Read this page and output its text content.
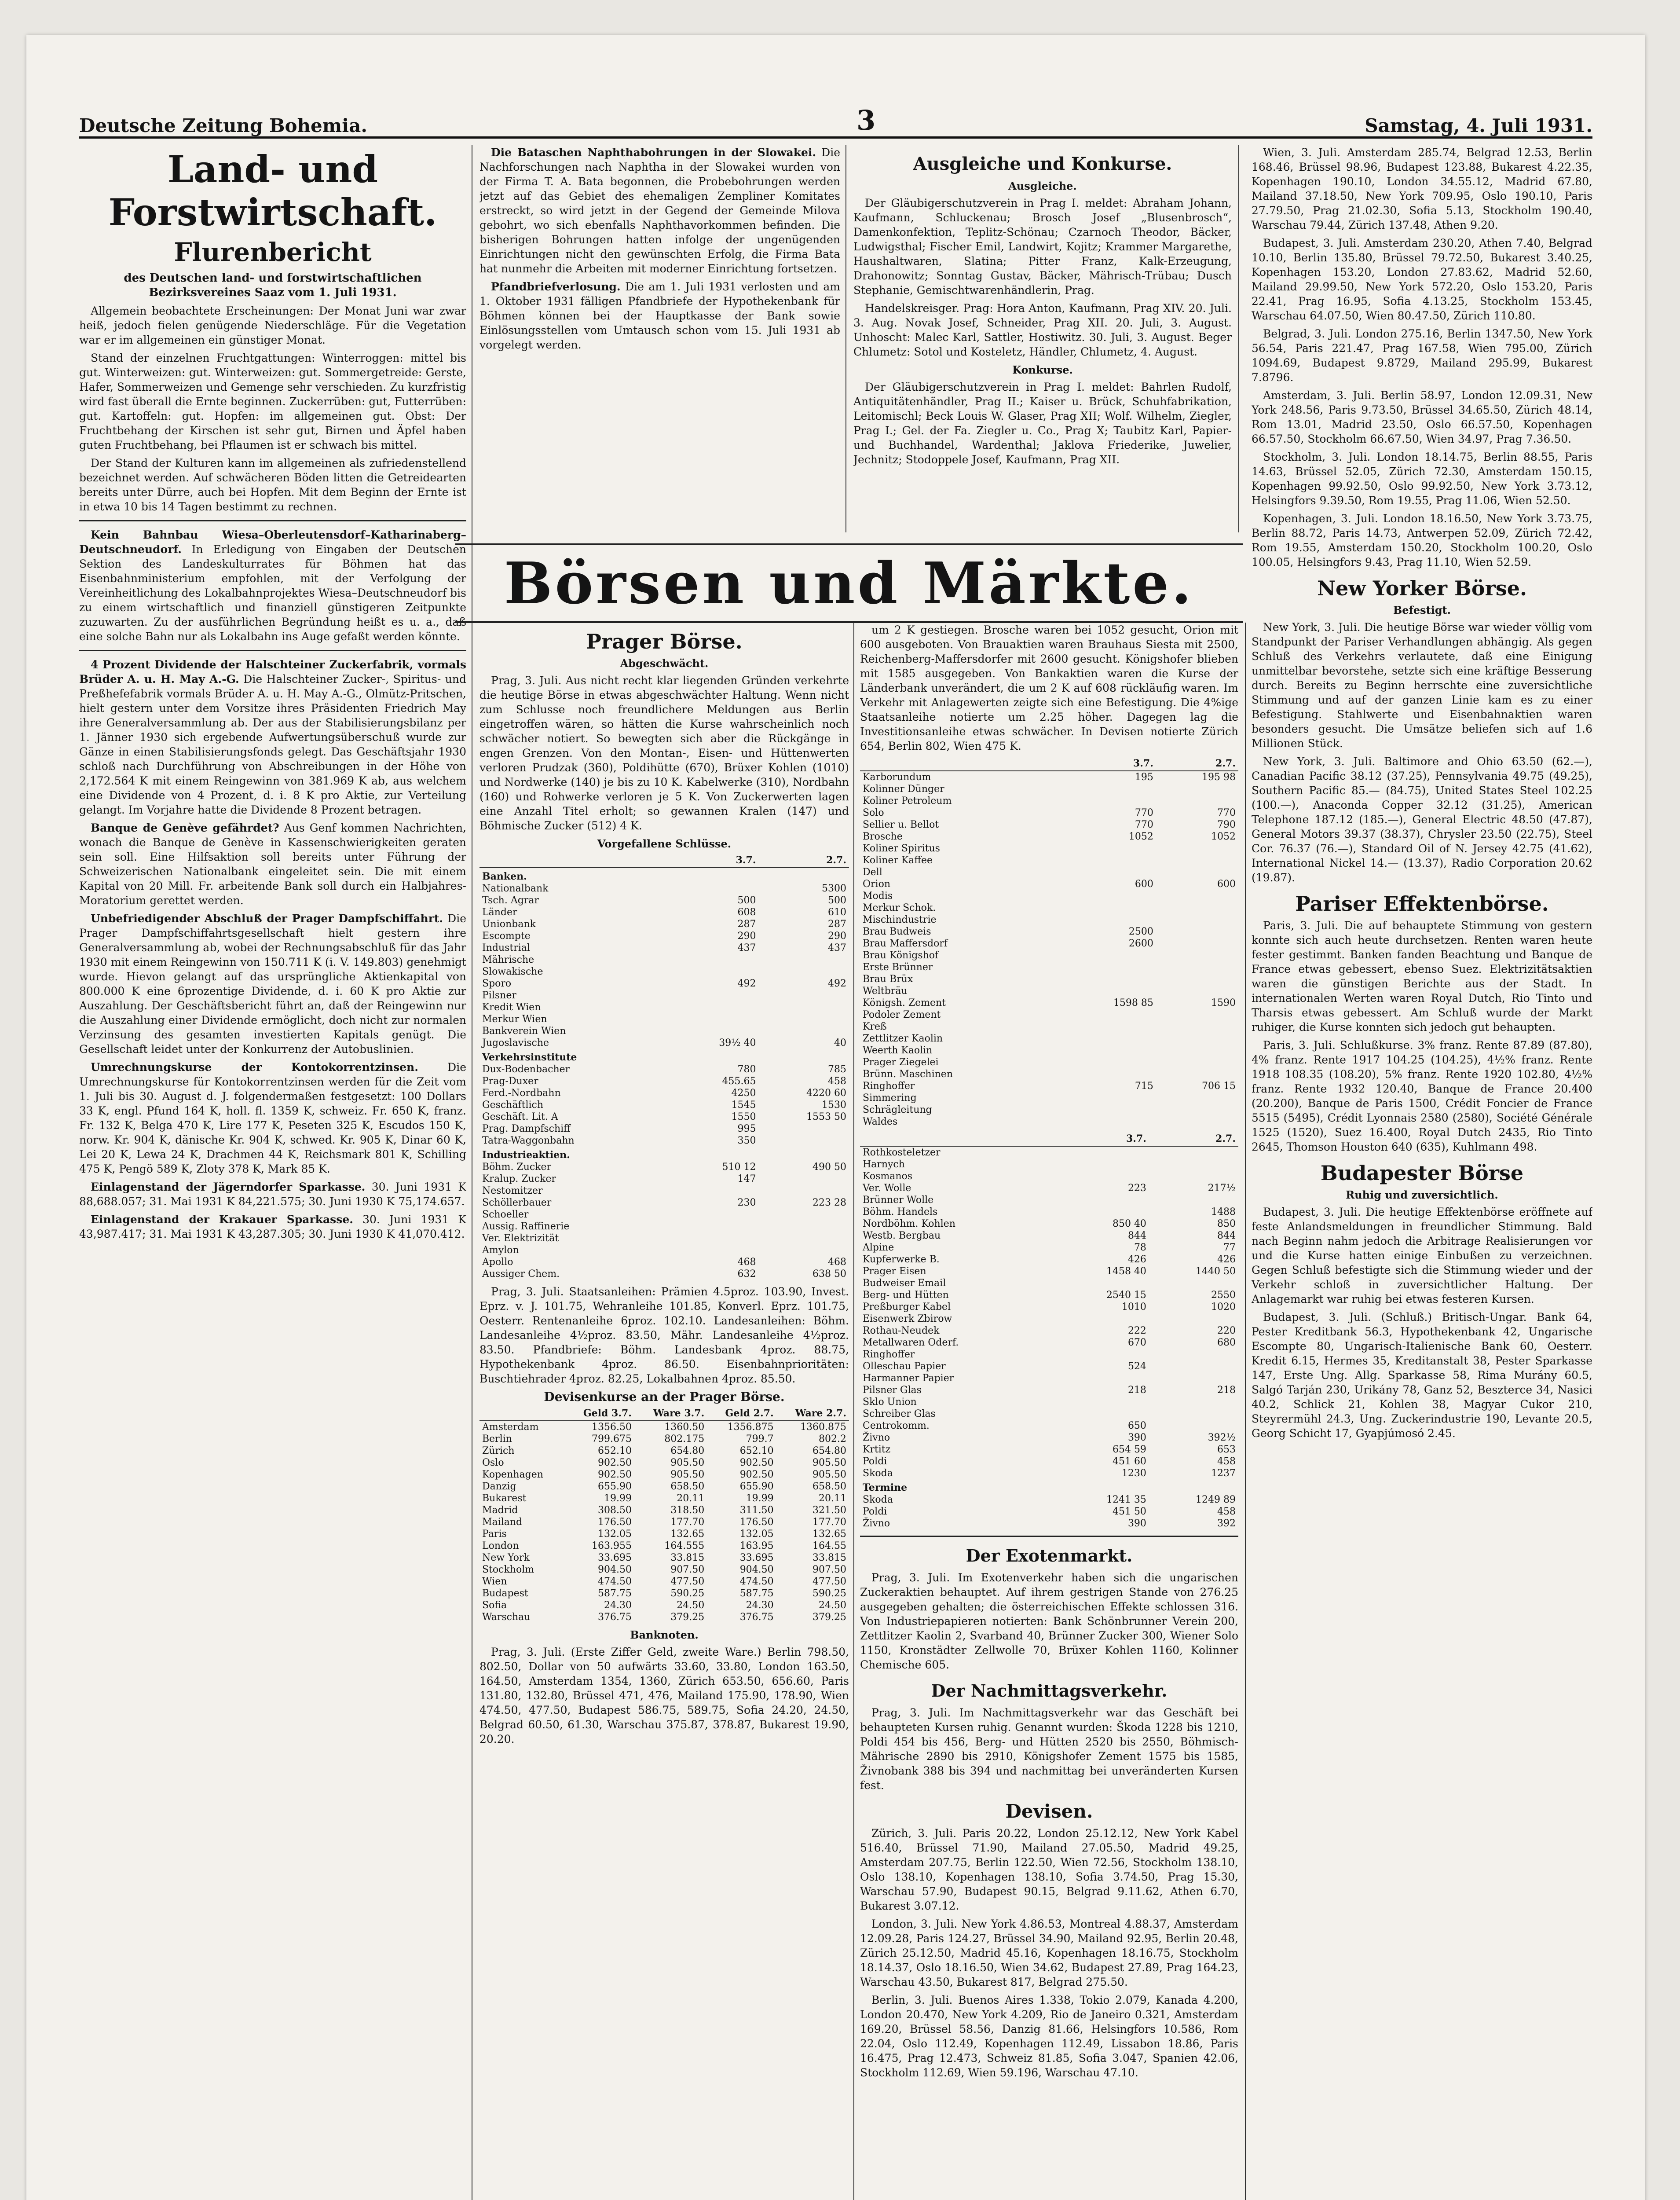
Deutsche Zeitung Bohemia.	3	Samstag, 4. Juli 1931.
Land- und Forstwirtschaft.
Flurenbericht
des Deutschen land- und forstwirtschaftlichen Bezirksvereines Saaz vom 1. Juli 1931.

Allgemein beobachtete Erscheinungen: Der Monat Juni war zwar heiß, jedoch fielen genügende Niederschläge. Für die Vegetation war er im allgemeinen ein günstiger Monat.

Stand der einzelnen Fruchtgattungen: Winterroggen: mittel bis gut. Winterweizen: gut. Winterweizen: gut. Sommergetreide: Gerste, Hafer, Sommerweizen und Gemenge sehr verschieden. Zu kurzfristig wird fast überall die Ernte beginnen. Zuckerrüben: gut, Futterrüben: gut. Kartoffeln: gut. Hopfen: im allgemeinen gut. Obst: Der Fruchtbehang der Kirschen ist sehr gut, Birnen und Äpfel haben guten Fruchtbehang, bei Pflaumen ist er schwach bis mittel.

Der Stand der Kulturen kann im allgemeinen als zufriedenstellend bezeichnet werden. Auf schwächeren Böden litten die Getreidearten bereits unter Dürre, auch bei Hopfen. Mit dem Beginn der Ernte ist in etwa 10 bis 14 Tagen bestimmt zu rechnen.

Kein Bahnbau Wiesa–Oberleutensdorf–Katharinaberg–Deutschneudorf. In Erledigung von Eingaben der Deutschen Sektion des Landeskulturrates für Böhmen hat das Eisenbahnministerium empfohlen, mit der Verfolgung der Vereinheitlichung des Lokalbahnprojektes Wiesa–Deutschneudorf bis zu einem wirtschaftlich und finanziell günstigeren Zeitpunkte zuzuwarten. Zu der ausführlichen Begründung heißt es u. a., daß eine solche Bahn nur als Lokalbahn ins Auge gefaßt werden könnte.

4 Prozent Dividende der Halschteiner Zuckerfabrik, vormals Brüder A. u. H. May A.-G. Die Halschteiner Zucker-, Spiritus- und Preßhefefabrik vormals Brüder A. u. H. May A.-G., Olmütz-Pritschen, hielt gestern unter dem Vorsitze ihres Präsidenten Friedrich May ihre Generalversammlung ab. Der aus der Stabilisierungsbilanz per 1. Jänner 1930 sich ergebende Aufwertungsüberschuß wurde zur Gänze in einen Stabilisierungsfonds gelegt. Das Geschäftsjahr 1930 schloß nach Durchführung von Abschreibungen in der Höhe von 2,172.564 K mit einem Reingewinn von 381.969 K ab, aus welchem eine Dividende von 4 Prozent, d. i. 8 K pro Aktie, zur Verteilung gelangt. Im Vorjahre hatte die Dividende 8 Prozent betragen.

Banque de Genève gefährdet? Aus Genf kommen Nachrichten, wonach die Banque de Genève in Kassenschwierigkeiten geraten sein soll. Eine Hilfsaktion soll bereits unter Führung der Schweizerischen Nationalbank eingeleitet sein. Die mit einem Kapital von 20 Mill. Fr. arbeitende Bank soll durch ein Halbjahres-Moratorium gerettet werden.

Unbefriedigender Abschluß der Prager Dampfschiffahrt. Die Prager Dampfschiffahrtsgesellschaft hielt gestern ihre Generalversammlung ab, wobei der Rechnungsabschluß für das Jahr 1930 mit einem Reingewinn von 150.711 K (i. V. 149.803) genehmigt wurde. Hievon gelangt auf das ursprüngliche Aktienkapital von 800.000 K eine 6prozentige Dividende, d. i. 60 K pro Aktie zur Auszahlung. Der Geschäftsbericht führt an, daß der Reingewinn nur die Auszahlung einer Dividende ermöglicht, doch nicht zur normalen Verzinsung des gesamten investierten Kapitals genügt. Die Gesellschaft leidet unter der Konkurrenz der Autobuslinien.

Umrechnungskurse der Kontokorrentzinsen.	Die Umrechnungskurse für Kontokorrentzinsen werden für die Zeit vom 1. Juli bis 30. August d. J. folgendermaßen festgesetzt: 100 Dollars 33 K, engl. Pfund 164 K, holl. fl. 1359 K, schweiz. Fr. 650 K, franz. Fr. 132 K, Belga 470 K, Lire 177 K, Peseten 325 K, Escudos 150 K, norw. Kr. 904 K, dänische Kr. 904 K, schwed. Kr. 905 K, Dinar 60 K, Lei 20 K, Lewa 24 K, Drachmen 44 K, Reichsmark 801 K, Schilling 475 K, Pengö 589 K, Zloty 378 K, Mark 85 K.

Einlagenstand der Jägerndorfer Sparkasse. 30. Juni 1931 K 88,688.057; 31. Mai 1931 K 84,221.575; 30. Juni 1930 K 75,174.657.

Einlagenstand der Krakauer Sparkasse. 30. Juni 1931 K 43,987.417; 31. Mai 1931 K 43,287.305; 30. Juni 1930 K 41,070.412.

Die Bataschen Naphthabohrungen in der Slowakei. Die Nachforschungen nach Naphtha in der Slowakei wurden von der Firma T. A. Bata begonnen, die Probebohrungen werden jetzt auf das Gebiet des ehemaligen Zempliner Komitates erstreckt, so wird jetzt in der Gegend der Gemeinde Milova gebohrt, wo sich ebenfalls Naphthavorkommen befinden. Die bisherigen Bohrungen hatten infolge der ungenügenden Einrichtungen nicht den gewünschten Erfolg, die Firma Bata hat nunmehr die Arbeiten mit moderner Einrichtung fortsetzen.

Pfandbriefverlosung. Die am 1. Juli 1931 verlosten und am 1. Oktober 1931 fälligen Pfandbriefe der Hypothekenbank für Böhmen können bei der Hauptkasse der Bank sowie Einlösungsstellen vom Umtausch schon vom 15. Juli 1931 ab vorgelegt werden.

Ausgleiche und Konkurse.
Ausgleiche.

Der Gläubigerschutzverein in Prag I. meldet: Abraham Johann, Kaufmann, Schluckenau; Brosch Josef „Blusenbrosch“, Damenkonfektion, Teplitz-Schönau; Czarnoch Theodor, Bäcker, Ludwigsthal; Fischer Emil, Landwirt, Kojitz; Krammer Margarethe, Haushaltwaren, Slatina; Pitter Franz, Kalk-Erzeugung, Drahonowitz; Sonntag Gustav, Bäcker, Mährisch-Trübau; Dusch Stephanie, Gemischtwarenhändlerin, Prag.

Handelskreisger. Prag: Hora Anton, Kaufmann, Prag XIV. 20. Juli. 3. Aug. Novak Josef, Schneider, Prag XII. 20. Juli, 3. August. Unhoscht: Malec Karl, Sattler, Hostiwitz. 30. Juli, 3. August. Beger Chlumetz: Sotol und Kosteletz, Händler, Chlumetz, 4. August.

Konkurse.

Der Gläubigerschutzverein in Prag I. meldet: Bahrlen Rudolf, Antiquitätenhändler, Prag II.; Kaiser u. Brück, Schuhfabrikation, Leitomischl; Beck Louis W. Glaser, Prag XII; Wolf. Wilhelm, Ziegler, Prag I.; Gel. der Fa. Ziegler u. Co., Prag X; Taubitz Karl, Papier- und Buchhandel, Wardenthal; Jaklova Friederike, Juwelier, Jechnitz; Stodoppele Josef, Kaufmann, Prag XII.

Börsen und Märkte.
Prager Börse.
Abgeschwächt.

Prag, 3. Juli. Aus nicht recht klar liegenden Gründen verkehrte die heutige Börse in etwas abgeschwächter Haltung. Wenn nicht zum Schlusse noch freundlichere Meldungen aus Berlin eingetroffen wären, so hätten die Kurse wahrscheinlich noch schwächer notiert. So bewegten sich aber die Rückgänge in engen Grenzen. Von den Montan-, Eisen- und Hüttenwerten verloren Prudzak (360), Poldihütte (670), Brüxer Kohlen (1010) und Nordwerke (140) je bis zu 10 K. Kabelwerke (310), Nordbahn (160) und Rohwerke verloren je 5 K. Von Zuckerwerten lagen eine Anzahl Titel erholt; so gewannen Kralen (147) und Böhmische Zucker (512) 4 K.

Vorgefallene Schlüsse.
	3.7.	2.7.
Banken.		
Nationalbank		5300
Tsch. Agrar	500	500
Länder	608	610
Unionbank	287	287
Escompte	290	290
Industrial	437	437
Mährische		
Slowakische		
Sporo	492	492
Pilsner		
Kredit Wien		
Merkur Wien		
Bankverein Wien		
Jugoslavische	39½ 40	40
Verkehrsinstitute		
Dux-Bodenbacher	780	785
Prag-Duxer	455.65	458
Ferd.-Nordbahn	4250	4220 60
Geschäftlich	1545	1530
Geschäft. Lit. A	1550	1553 50
Prag. Dampfschiff	995	
Tatra-Waggonbahn	350	
Industrieaktien.		
Böhm. Zucker	510 12	490 50
Kralup. Zucker	147	
Nestomitzer		
Schöllerbauer	230	223 28
Schoeller		
Aussig. Raffinerie		
Ver. Elektrizität		
Amylon		
Apollo	468	468
Aussiger Chem.	632	638 50

Prag, 3. Juli. Staatsanleihen: Prämien 4.5proz. 103.90, Invest. Eprz. v. J. 101.75, Wehranleihe 101.85, Konverl. Eprz. 101.75, Oesterr. Rentenanleihe 6proz. 102.10. Landesanleihen: Böhm. Landesanleihe 4½proz. 83.50, Mähr. Landesanleihe 4½proz. 83.50. Pfandbriefe: Böhm. Landesbank 4proz. 88.75, Hypothekenbank 4proz. 86.50. Eisenbahnprioritäten: Buschtiehrader 4proz. 82.25, Lokalbahnen 4proz. 85.50.

Devisenkurse an der Prager Börse.
	Geld 3.7.	Ware 3.7.	Geld 2.7.	Ware 2.7.
Amsterdam	1356.50	1360.50	1356.875	1360.875
Berlin	799.675	802.175	799.7	802.2
Zürich	652.10	654.80	652.10	654.80
Oslo	902.50	905.50	902.50	905.50
Kopenhagen	902.50	905.50	902.50	905.50
Danzig	655.90	658.50	655.90	658.50
Bukarest	19.99	20.11	19.99	20.11
Madrid	308.50	318.50	311.50	321.50
Mailand	176.50	177.70	176.50	177.70
Paris	132.05	132.65	132.05	132.65
London	163.955	164.555	163.95	164.55
New York	33.695	33.815	33.695	33.815
Stockholm	904.50	907.50	904.50	907.50
Wien	474.50	477.50	474.50	477.50
Budapest	587.75	590.25	587.75	590.25
Sofia	24.30	24.50	24.30	24.50
Warschau	376.75	379.25	376.75	379.25
Banknoten.

Prag, 3. Juli. (Erste Ziffer Geld, zweite Ware.) Berlin 798.50, 802.50, Dollar von 50 aufwärts 33.60, 33.80, London 163.50, 164.50, Amsterdam 1354, 1360, Zürich 653.50, 656.60, Paris 131.80, 132.80, Brüssel 471, 476, Mailand 175.90, 178.90, Wien 474.50, 477.50, Budapest 586.75, 589.75, Sofia 24.20, 24.50, Belgrad 60.50, 61.30, Warschau 375.87, 378.87, Bukarest 19.90, 20.20.

um 2 K gestiegen. Brosche waren bei 1052 gesucht, Orion mit 600 ausgeboten. Von Brauaktien waren Brauhaus Siesta mit 2500, Reichenberg-Maffersdorfer mit 2600 gesucht. Königshofer blieben mit 1585 ausgegeben. Von Bankaktien waren die Kurse der Länderbank unverändert, die um 2 K auf 608 rückläufig waren. Im Verkehr mit Anlagewerten zeigte sich eine Befestigung. Die 4%ige Staatsanleihe notierte um 2.25 höher. Dagegen lag die Investitionsanleihe etwas schwächer. In Devisen notierte Zürich 654, Berlin 802, Wien 475 K.

	3.7.	2.7.
Karborundum	195	195 98
Kolinner Dünger		
Koliner Petroleum		
Solo	770	770
Sellier u. Bellot	770	790
Brosche	1052	1052
Koliner Spiritus		
Koliner Kaffee		
Dell		
Orion	600	600
Modis		
Merkur Schok.		
Mischindustrie		
Brau Budweis	2500	
Brau Maffersdorf	2600	
Brau Königshof		
Erste Brünner		
Brau Brüx		
Weltbräu		
Königsh. Zement	1598 85	1590
Podoler Zement		
Kreß		
Zettlitzer Kaolin		
Weerth Kaolin		
Prager Ziegelei		
Brünn. Maschinen		
Ringhoffer	715	706 15
Simmering		
Schrägleitung		
Waldes		
	3.7.	2.7.
Rothkosteletzer		
Harnych		
Kosmanos		
Ver. Wolle	223	217½
Brünner Wolle		
Böhm. Handels		1488
Nordböhm. Kohlen	850 40	850
Westb. Bergbau	844	844
Alpine	78	77
Kupferwerke B.	426	426
Prager Eisen	1458 40	1440 50
Budweiser Email		
Berg- und Hütten	2540 15	2550
Preßburger Kabel	1010	1020
Eisenwerk Zbirow		
Rothau-Neudek	222	220
Metallwaren Oderf.	670	680
Ringhoffer		
Olleschau Papier	524	
Harmanner Papier		
Pilsner Glas	218	218
Sklo Union		
Schreiber Glas		
Centrokomm.	650	
Živno	390	392½
Krtitz	654 59	653
Poldi	451 60	458
Skoda	1230	1237
Termine		
Skoda	1241 35	1249 89
Poldi	451 50	458
Živno	390	392
Der Exotenmarkt.

Prag, 3. Juli. Im Exotenverkehr haben sich die ungarischen Zuckeraktien behauptet. Auf ihrem gestrigen Stande von 276.25 ausgegeben gehalten; die österreichischen Effekte schlossen 316. Von Industriepapieren notierten: Bank Schönbrunner Verein 200, Zettlitzer Kaolin 2, Svarband 40, Brünner Zucker 300, Wiener Solo 1150, Kronstädter Zellwolle 70, Brüxer Kohlen 1160, Kolinner Chemische 605.

Der Nachmittagsverkehr.

Prag, 3. Juli. Im Nachmittagsverkehr war das Geschäft bei behaupteten Kursen ruhig. Genannt wurden: Škoda 1228 bis 1210, Poldi 454 bis 456, Berg- und Hütten 2520 bis 2550, Böhmisch-Mährische 2890 bis 2910, Königshofer Zement 1575 bis 1585, Živnobank 388 bis 394 und nachmittag bei unveränderten Kursen fest.

Devisen.

Zürich, 3. Juli. Paris 20.22, London 25.12.12, New York Kabel 516.40, Brüssel 71.90, Mailand 27.05.50, Madrid 49.25, Amsterdam 207.75, Berlin 122.50, Wien 72.56, Stockholm 138.10, Oslo 138.10, Kopenhagen 138.10, Sofia 3.74.50, Prag 15.30, Warschau 57.90, Budapest 90.15, Belgrad 9.11.62, Athen 6.70, Bukarest 3.07.12.

London, 3. Juli. New York 4.86.53, Montreal 4.88.37, Amsterdam 12.09.28, Paris 124.27, Brüssel 34.90, Mailand 92.95, Berlin 20.48, Zürich 25.12.50, Madrid 45.16, Kopenhagen 18.16.75, Stockholm 18.14.37, Oslo 18.16.50, Wien 34.62, Budapest 27.89, Prag 164.23, Warschau 43.50, Bukarest 817, Belgrad 275.50.

Berlin, 3. Juli. Buenos Aires 1.338, Tokio 2.079, Kanada 4.200, London 20.470, New York 4.209, Rio de Janeiro 0.321, Amsterdam 169.20, Brüssel 58.56, Danzig 81.66, Helsingfors 10.586, Rom 22.04, Oslo 112.49, Kopenhagen 112.49, Lissabon 18.86, Paris 16.475, Prag 12.473, Schweiz 81.85, Sofia 3.047, Spanien 42.06, Stockholm 112.69, Wien 59.196, Warschau 47.10.

Wien, 3. Juli. Amsterdam 285.74, Belgrad 12.53, Berlin 168.46, Brüssel 98.96, Budapest 123.88, Bukarest 4.22.35, Kopenhagen 190.10, London 34.55.12, Madrid 67.80, Mailand 37.18.50, New York 709.95, Oslo 190.10, Paris 27.79.50, Prag 21.02.30, Sofia 5.13, Stockholm 190.40, Warschau 79.44, Zürich 137.48, Athen 9.20.

Budapest, 3. Juli. Amsterdam 230.20, Athen 7.40, Belgrad 10.10, Berlin 135.80, Brüssel 79.72.50, Bukarest 3.40.25, Kopenhagen 153.20, London 27.83.62, Madrid 52.60, Mailand 29.99.50, New York 572.20, Oslo 153.20, Paris 22.41, Prag 16.95, Sofia 4.13.25, Stockholm 153.45, Warschau 64.07.50, Wien 80.47.50, Zürich 110.80.

Belgrad, 3. Juli. London 275.16, Berlin 1347.50, New York 56.54, Paris 221.47, Prag 167.58, Wien 795.00, Zürich 1094.69, Budapest 9.8729, Mailand 295.99, Bukarest 7.8796.

Amsterdam, 3. Juli. Berlin 58.97, London 12.09.31, New York 248.56, Paris 9.73.50, Brüssel 34.65.50, Zürich 48.14, Rom 13.01, Madrid 23.50, Oslo 66.57.50, Kopenhagen 66.57.50, Stockholm 66.67.50, Wien 34.97, Prag 7.36.50.

Stockholm, 3. Juli. London 18.14.75, Berlin 88.55, Paris 14.63, Brüssel 52.05, Zürich 72.30, Amsterdam 150.15, Kopenhagen 99.92.50, Oslo 99.92.50, New York 3.73.12, Helsingfors 9.39.50, Rom 19.55, Prag 11.06, Wien 52.50.

Kopenhagen, 3. Juli. London 18.16.50, New York 3.73.75, Berlin 88.72, Paris 14.73, Antwerpen 52.09, Zürich 72.42, Rom 19.55, Amsterdam 150.20, Stockholm 100.20, Oslo 100.05, Helsingfors 9.43, Prag 11.10, Wien 52.59.

New Yorker Börse.
Befestigt.

New York, 3. Juli. Die heutige Börse war wieder völlig vom Standpunkt der Pariser Verhandlungen abhängig. Als gegen Schluß des Verkehrs verlautete, daß eine Einigung unmittelbar bevorstehe, setzte sich eine kräftige Besserung durch. Bereits zu Beginn herrschte eine zuversichtliche Stimmung und auf der ganzen Linie kam es zu einer Befestigung. Stahlwerte und Eisenbahnaktien waren besonders gesucht. Die Umsätze beliefen sich auf 1.6 Millionen Stück.

New York, 3. Juli. Baltimore and Ohio 63.50 (62.—), Canadian Pacific 38.12 (37.25), Pennsylvania 49.75 (49.25), Southern Pacific 85.— (84.75), United States Steel 102.25 (100.—), Anaconda Copper 32.12 (31.25), American Telephone 187.12 (185.—), General Electric 48.50 (47.87), General Motors 39.37 (38.37), Chrysler 23.50 (22.75), Steel Cor. 76.37 (76.—), Standard Oil of N. Jersey 42.75 (41.62), International Nickel 14.— (13.37), Radio Corporation 20.62 (19.87).

Pariser Effektenbörse.

Paris, 3. Juli. Die auf behauptete Stimmung von gestern konnte sich auch heute durchsetzen. Renten waren heute fester gestimmt. Banken fanden Beachtung und Banque de France etwas gebessert, ebenso Suez. Elektrizitätsaktien waren die günstigen Berichte aus der Stadt. In internationalen Werten waren Royal Dutch, Rio Tinto und Tharsis etwas gebessert. Am Schluß wurde der Markt ruhiger, die Kurse konnten sich jedoch gut behaupten.

Paris, 3. Juli. Schlußkurse. 3% franz. Rente 87.89 (87.80), 4% franz. Rente 1917 104.25 (104.25), 4½% franz. Rente 1918 108.35 (108.20), 5% franz. Rente 1920 102.80, 4½% franz. Rente 1932 120.40, Banque de France 20.400 (20.200), Banque de Paris 1500, Crédit Foncier de France 5515 (5495), Crédit Lyonnais 2580 (2580), Société Générale 1525 (1520), Suez 16.400, Royal Dutch 2435, Rio Tinto 2645, Thomson Houston 640 (635), Kuhlmann 498.

Budapester Börse
Ruhig und zuversichtlich.

Budapest, 3. Juli. Die heutige Effektenbörse eröffnete auf feste Anlandsmeldungen in freundlicher Stimmung. Bald nach Beginn nahm jedoch die Arbitrage Realisierungen vor und die Kurse hatten einige Einbußen zu verzeichnen. Gegen Schluß befestigte sich die Stimmung wieder und der Verkehr schloß in zuversichtlicher Haltung. Der Anlagemarkt war ruhig bei etwas festeren Kursen.

Budapest, 3. Juli. (Schluß.) Britisch-Ungar. Bank 64, Pester Kreditbank 56.3, Hypothekenbank 42, Ungarische Escompte 80, Ungarisch-Italienische Bank 60, Oesterr. Kredit 6.15, Hermes 35, Kreditanstalt 38, Pester Sparkasse 147, Erste Ung. Allg. Sparkasse 58, Rima Murány 60.5, Salgó Tarján 230, Urikány 78, Ganz 52, Beszterce 34, Nasici 40.2, Schlick 21, Kohlen 38, Magyar Cukor 210, Steyrermühl 24.3, Ung. Zuckerindustrie 190, Levante 20.5, Georg Schicht 17, Gyapjúmosó 2.45.
